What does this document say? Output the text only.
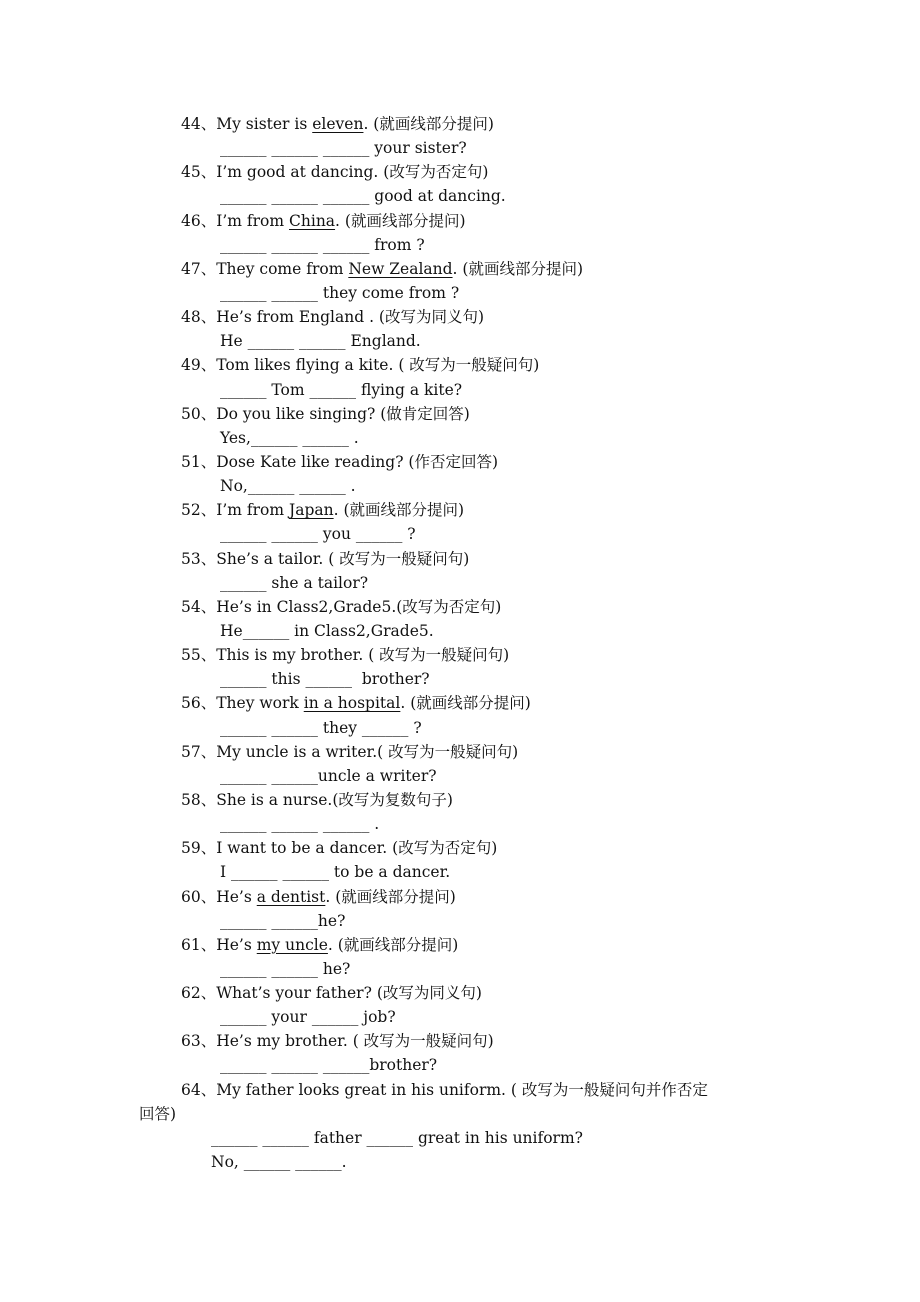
44、My sister is eleven. (就画线部分提问)
______ ______ ______ your sister?
45、I’m good at dancing. (改写为否定句)
______ ______ ______ good at dancing.
46、I’m from China. (就画线部分提问)
______ ______ ______ from ?
47、They come from New Zealand. (就画线部分提问)
______ ______ they come from ?
48、He’s from England . (改写为同义句)
He ______ ______ England.
49、Tom likes flying a kite. ( 改写为一般疑问句)
______ Tom ______ flying a kite?
50、Do you like singing? (做肯定回答)
Yes,______ ______ .
51、Dose Kate like reading? (作否定回答)
No,______ ______ .
52、I’m from Japan. (就画线部分提问)
______ ______ you ______ ?
53、She’s a tailor. ( 改写为一般疑问句)
______ she a tailor?
54、He’s in Class2,Grade5.(改写为否定句)
He______ in Class2,Grade5.
55、This is my brother. ( 改写为一般疑问句)
______ this ______  brother?
56、They work in a hospital. (就画线部分提问)
______ ______ they ______ ?
57、My uncle is a writer.( 改写为一般疑问句)
______ ______uncle a writer?
58、She is a nurse.(改写为复数句子)
______ ______ ______ .
59、I want to be a dancer. (改写为否定句)
I ______ ______ to be a dancer.
60、He’s a dentist. (就画线部分提问)
______ ______he?
61、He’s my uncle. (就画线部分提问)
______ ______ he?
62、What’s your father? (改写为同义句)
______ your ______ job?
63、He’s my brother. ( 改写为一般疑问句)
______ ______ ______brother?
64、My father looks great in his uniform. ( 改写为一般疑问句并作否定
回答)
______ ______ father ______ great in his uniform?
No, ______ ______.
